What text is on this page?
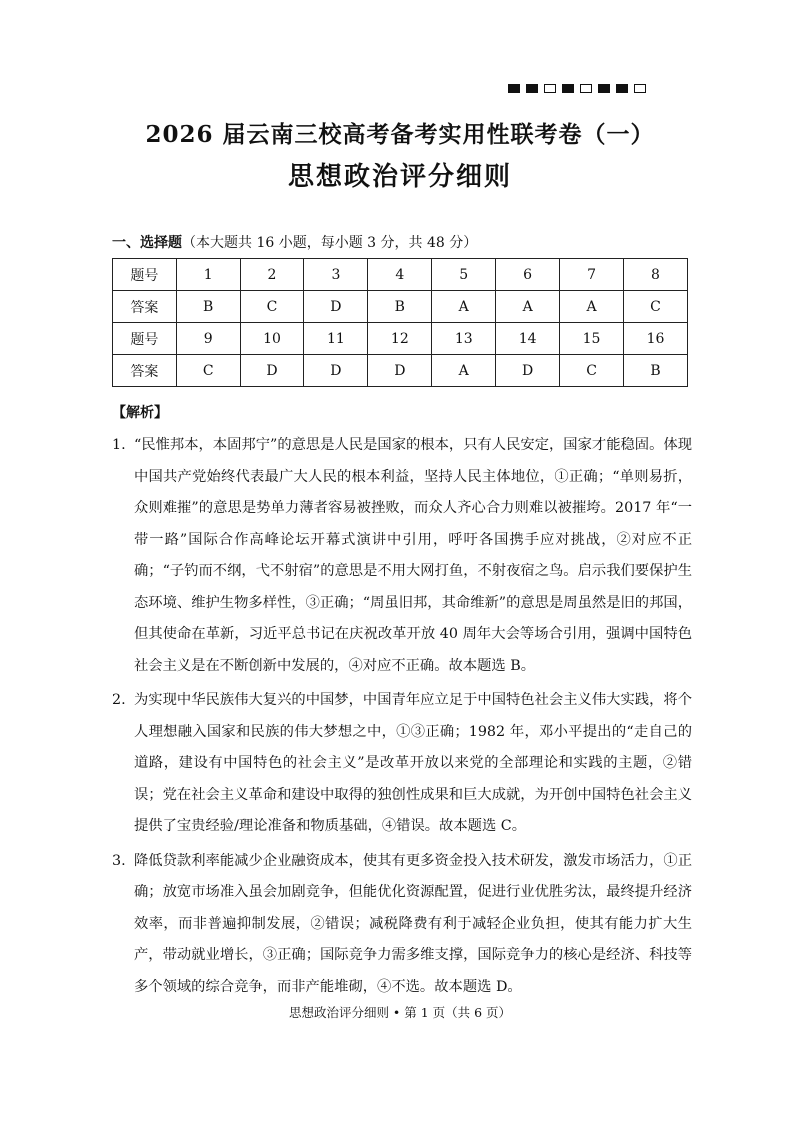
2026 届云南三校高考备考实用性联考卷（一）
思想政治评分细则
一、选择题（本大题共 16 小题，每小题 3 分，共 48 分）
题号	1	2	3	4	5	6	7	8
答案	B	C	D	B	A	A	A	C
题号	9	10	11	12	13	14	15	16
答案	C	D	D	D	A	D	C	B
【解析】
1. “民惟邦本，本固邦宁”的意思是人民是国家的根本，只有人民安定，国家才能稳固。体现中国共产党始终代表最广大人民的根本利益，坚持人民主体地位，①正确；“单则易折，众则难摧”的意思是势单力薄者容易被挫败，而众人齐心合力则难以被摧垮。2017 年“一带一路”国际合作高峰论坛开幕式演讲中引用，呼吁各国携手应对挑战，②对应不正确；“子钓而不纲，弋不射宿”的意思是不用大网打鱼，不射夜宿之鸟。启示我们要保护生态环境、维护生物多样性，③正确；“周虽旧邦，其命维新”的意思是周虽然是旧的邦国，但其使命在革新，习近平总书记在庆祝改革开放 40 周年大会等场合引用，强调中国特色社会主义是在不断创新中发展的，④对应不正确。故本题选 B。
2. 为实现中华民族伟大复兴的中国梦，中国青年应立足于中国特色社会主义伟大实践，将个人理想融入国家和民族的伟大梦想之中，①③正确；1982 年，邓小平提出的“走自己的道路，建设有中国特色的社会主义”是改革开放以来党的全部理论和实践的主题，②错误；党在社会主义革命和建设中取得的独创性成果和巨大成就，为开创中国特色社会主义提供了宝贵经验/理论准备和物质基础，④错误。故本题选 C。
3. 降低贷款利率能减少企业融资成本，使其有更多资金投入技术研发，激发市场活力，①正确；放宽市场准入虽会加剧竞争，但能优化资源配置，促进行业优胜劣汰，最终提升经济效率，而非普遍抑制发展，②错误；减税降费有利于减轻企业负担，使其有能力扩大生产，带动就业增长，③正确；国际竞争力需多维支撑，国际竞争力的核心是经济、科技等多个领域的综合竞争，而非产能堆砌，④不选。故本题选 D。
思想政治评分细则 • 第 1 页（共 6 页）
